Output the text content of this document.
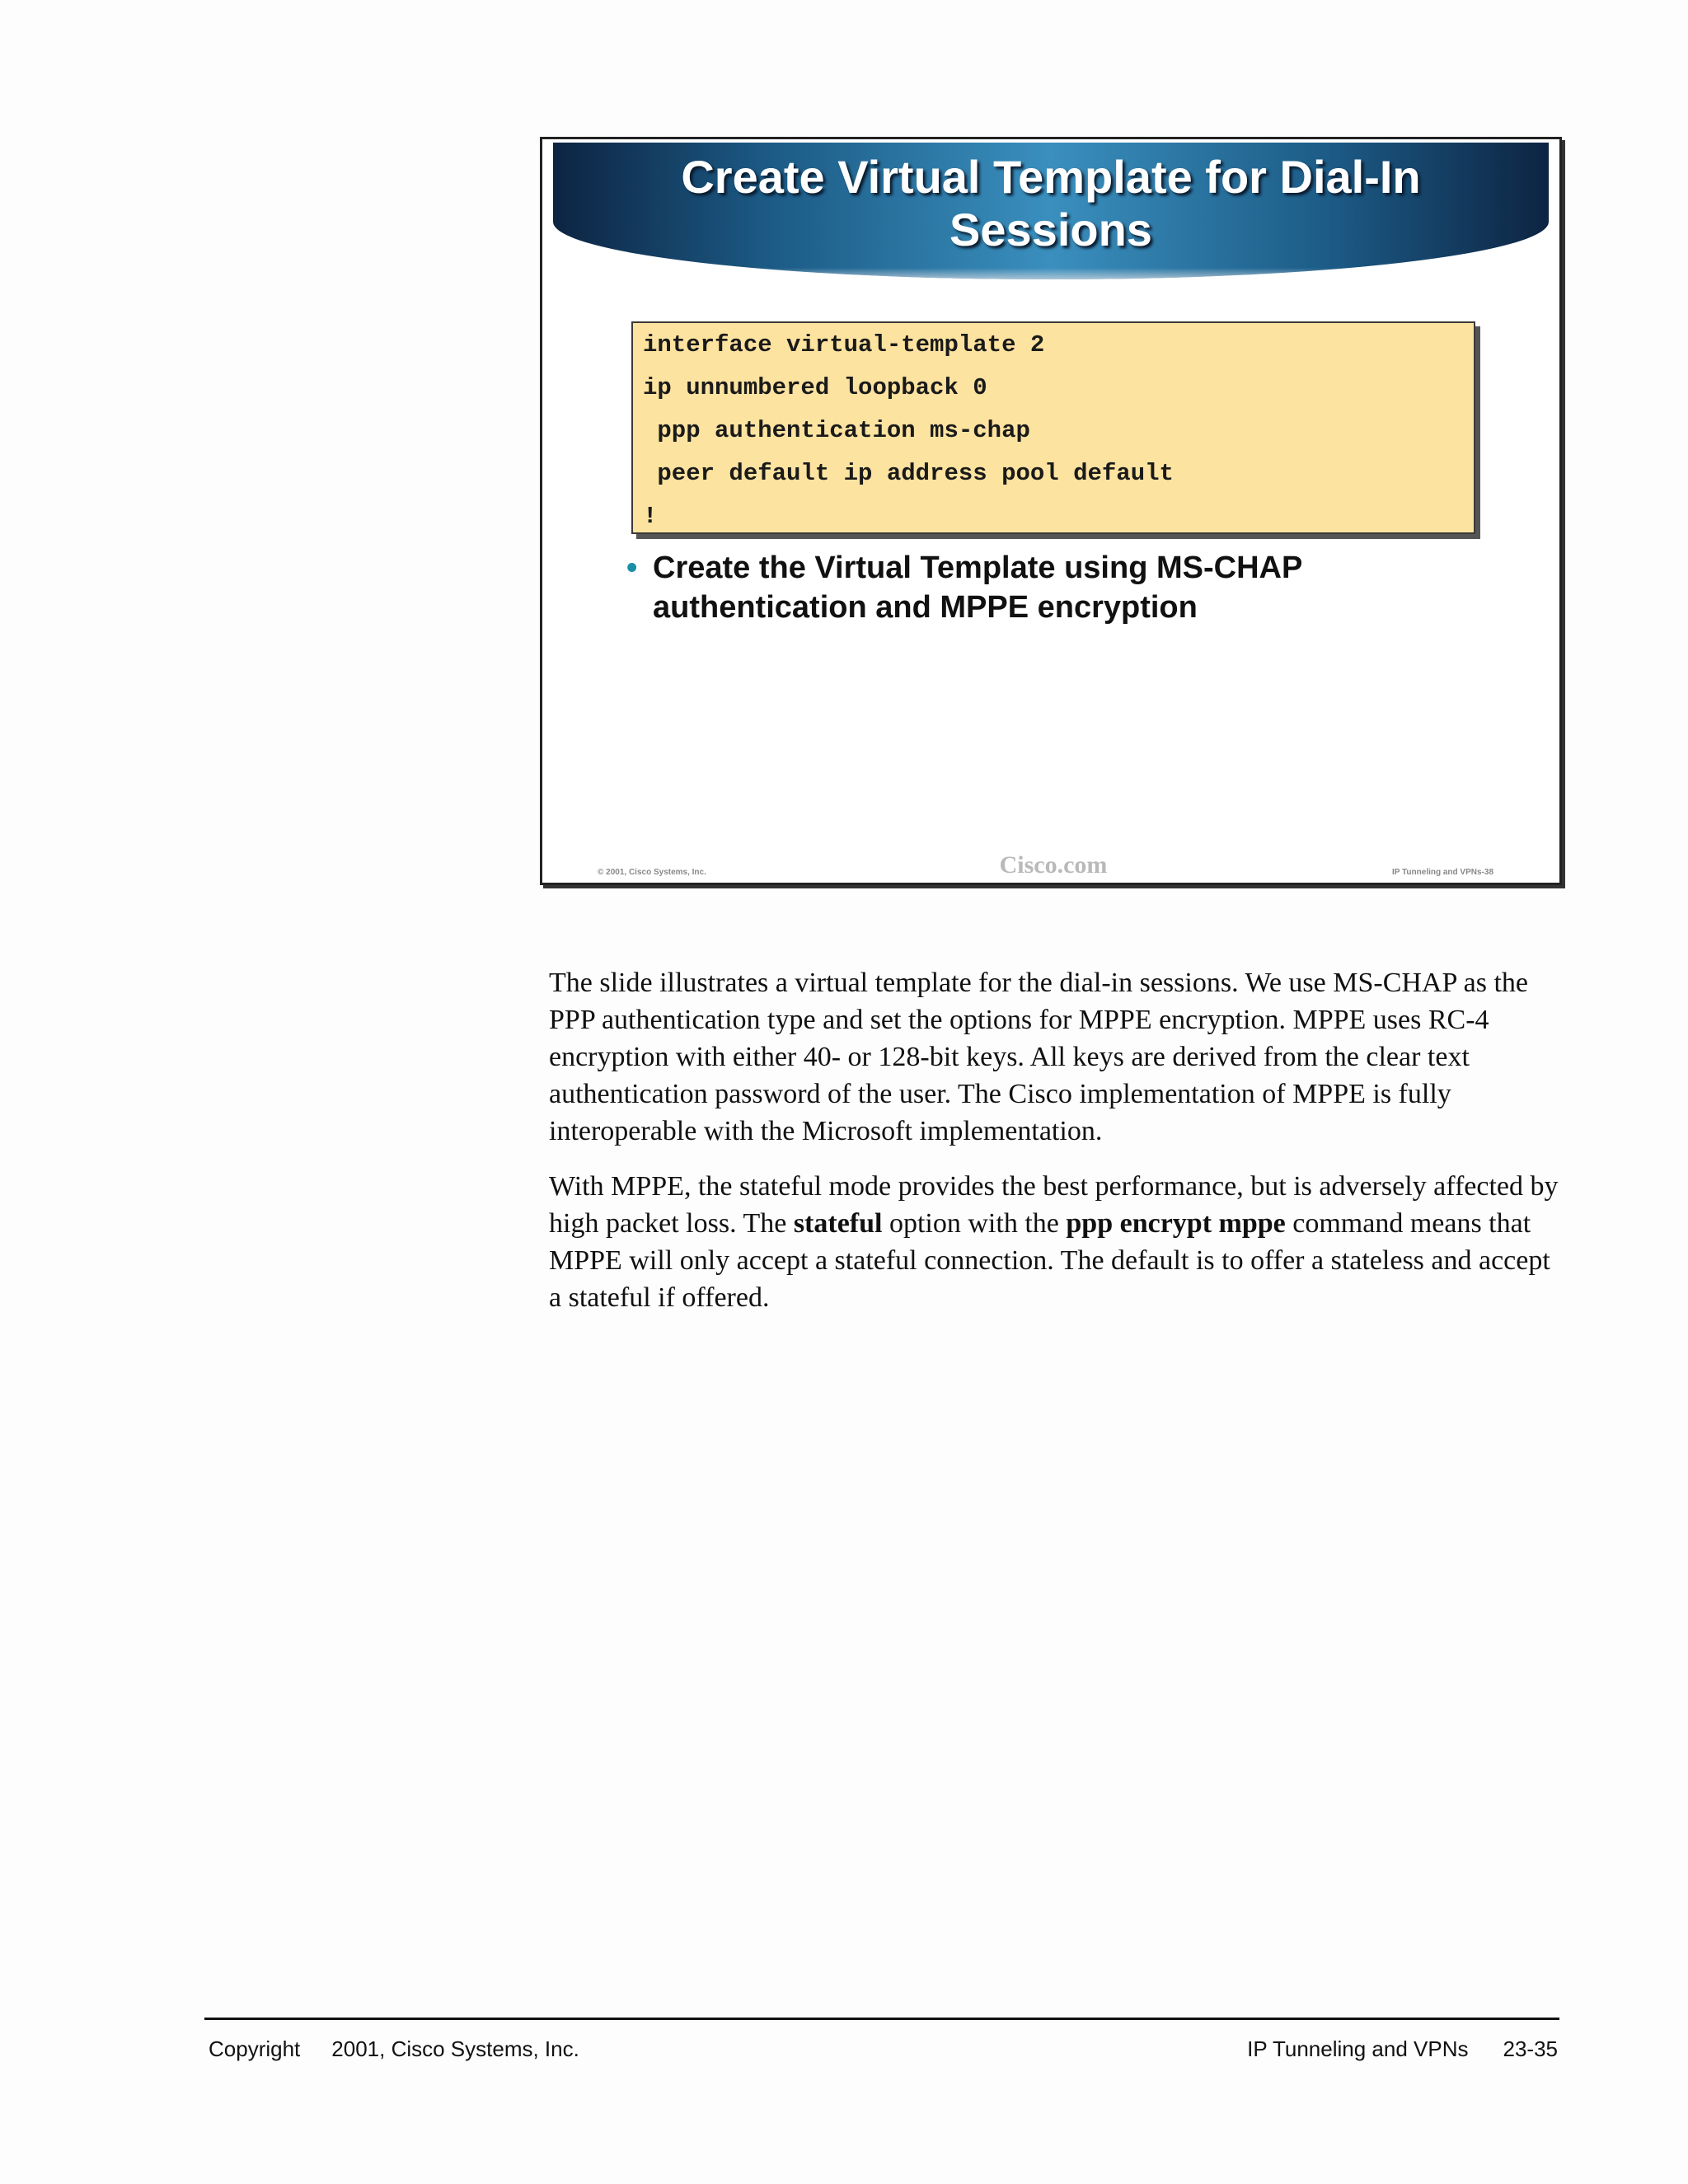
Create Virtual Template for Dial-In
Sessions
interface virtual-template 2
ip unnumbered loopback 0
ppp authentication ms-chap
peer default ip address pool default
!
• Create the Virtual Template using MS-CHAP authentication and MPPE encryption
© 2001, Cisco Systems, Inc.	Cisco.com	IP Tunneling and VPNs-38

The slide illustrates a virtual template for the dial-in sessions. We use MS-CHAP as the PPP authentication type and set the options for MPPE encryption. MPPE uses RC-4 encryption with either 40- or 128-bit keys. All keys are derived from the clear text authentication password of the user. The Cisco implementation of MPPE is fully interoperable with the Microsoft implementation.

With MPPE, the stateful mode provides the best performance, but is adversely affected by high packet loss. The stateful option with the ppp encrypt mppe command means that MPPE will only accept a stateful connection. The default is to offer a stateless and accept a stateful if offered.

Copyright 2001, Cisco Systems, Inc.	IP Tunneling and VPNs 23-35
